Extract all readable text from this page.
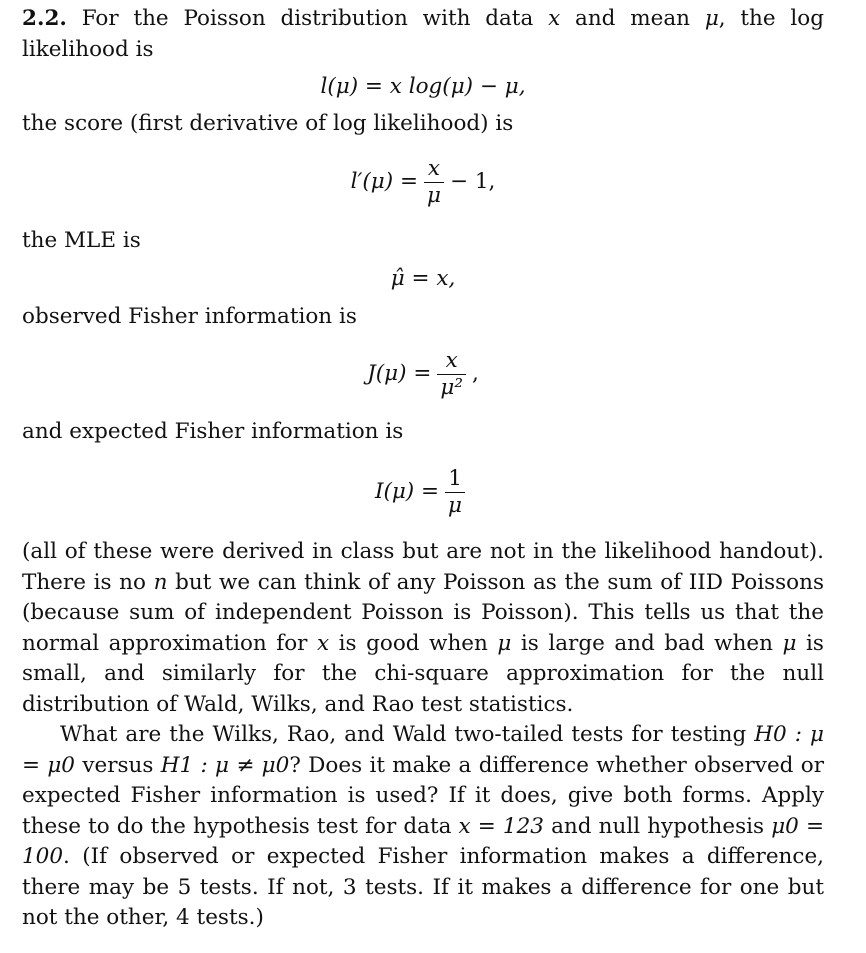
2.2. For the Poisson distribution with data x and mean μ, the log likelihood is

l(μ) = x log(μ) − μ,

the score (first derivative of log likelihood) is

$l'(\mu) = \frac{x}{\mu} - 1$,

the MLE is

μ̂ = x,

observed Fisher information is

$J(\mu) = \frac{x}{\text{μ²}}$ ,

and expected Fisher information is

$I(\mu) = \frac{1}{\mu}$

(all of these were derived in class but are not in the likelihood handout). There is no n but we can think of any Poisson as the sum of IID Poissons (because sum of independent Poisson is Poisson). This tells us that the normal approximation for x is good when μ is large and bad when μ is small, and similarly for the chi-square approximation for the null distribution of Wald, Wilks, and Rao test statistics.

What are the Wilks, Rao, and Wald two-tailed tests for testing H0 : μ = μ0 versus H1 : μ ≠ μ0? Does it make a difference whether observed or expected Fisher information is used? If it does, give both forms. Apply these to do the hypothesis test for data x = 123 and null hypothesis μ0 = 100. (If observed or expected Fisher information makes a difference, there may be 5 tests. If not, 3 tests. If it makes a difference for one but not the other, 4 tests.)
